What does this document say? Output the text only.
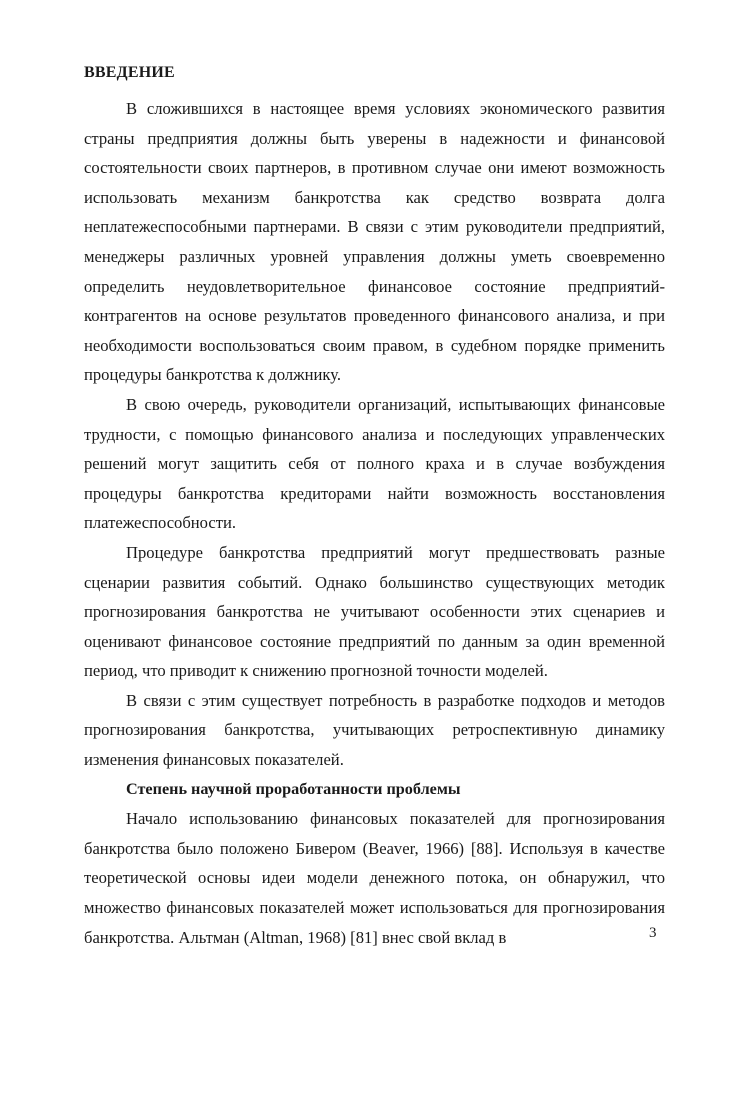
ВВЕДЕНИЕ

В сложившихся в настоящее время условиях экономического развития страны предприятия должны быть уверены в надежности и финансовой состоятельности своих партнеров, в противном случае они имеют возможность использовать механизм банкротства как средство возврата долга неплатежеспособными партнерами. В связи с этим руководители предприятий, менеджеры различных уровней управления должны уметь своевременно определить неудовлетворительное финансовое состояние предприятий-контрагентов на основе результатов проведенного финансового анализа, и при необходимости воспользоваться своим правом, в судебном порядке применить процедуры банкротства к должнику.

В свою очередь, руководители организаций, испытывающих финансовые трудности, с помощью финансового анализа и последующих управленческих решений могут защитить себя от полного краха и в случае возбуждения процедуры банкротства кредиторами найти возможность восстановления платежеспособности.

Процедуре банкротства предприятий могут предшествовать разные сценарии развития событий. Однако большинство существующих методик прогнозирования банкротства не учитывают особенности этих сценариев и оценивают финансовое состояние предприятий по данным за один временной период, что приводит к снижению прогнозной точности моделей.

В связи с этим существует потребность в разработке подходов и методов прогнозирования банкротства, учитывающих ретроспективную динамику изменения финансовых показателей.

Степень научной проработанности проблемы

Начало использованию финансовых показателей для прогнозирования банкротства было положено Бивером (Beaver, 1966) [88]. Используя в качестве теоретической основы идеи модели денежного потока, он обнаружил, что множество финансовых показателей может использоваться для прогнозирования банкротства. Альтман (Altman, 1968) [81] внес свой вклад в	3
